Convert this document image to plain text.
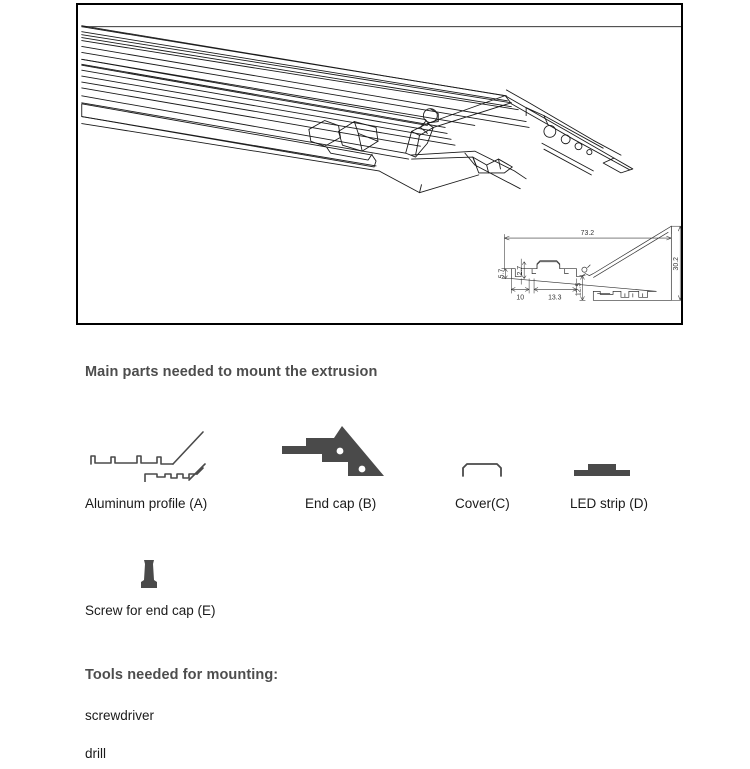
73.2
30.2
5.7 2.7
10	13.3
12.5
Main parts needed to mount the extrusion
Aluminum profile (A)	End cap (B)	Cover(C)	LED strip (D)
Screw for end cap (E)
Tools needed for mounting:
screwdriver
drill
